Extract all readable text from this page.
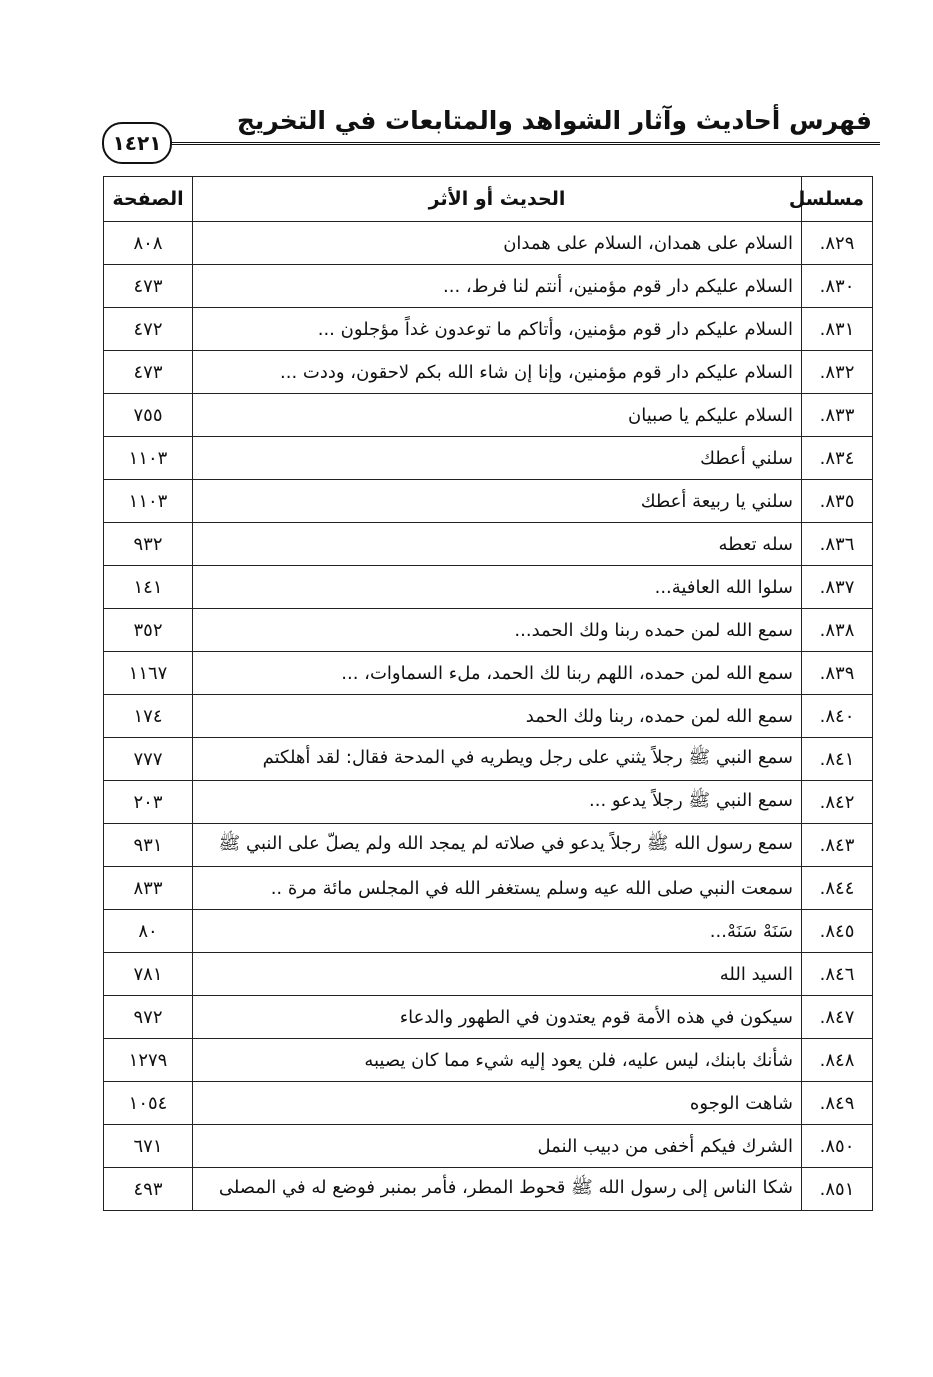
فهرس أحاديث وآثار الشواهد والمتابعات في التخريج
١٤٢١
مسلسل	الحديث أو الأثر	الصفحة
٨٢٩.	السلام على همدان، السلام على همدان	٨٠٨
٨٣٠.	السلام عليكم دار قوم مؤمنين، أنتم لنا فرط، ...	٤٧٣
٨٣١.	السلام عليكم دار قوم مؤمنين، وأتاكم ما توعدون غداً مؤجلون ...	٤٧٢
٨٣٢.	السلام عليكم دار قوم مؤمنين، وإنا إن شاء الله بكم لاحقون، وددت ...	٤٧٣
٨٣٣.	السلام عليكم يا صبيان	٧٥٥
٨٣٤.	سلني أعطك	١١٠٣
٨٣٥.	سلني يا ربيعة أعطك	١١٠٣
٨٣٦.	سله تعطه	٩٣٢
٨٣٧.	سلوا الله العافية...	١٤١
٨٣٨.	سمع الله لمن حمده ربنا ولك الحمد...	٣٥٢
٨٣٩.	سمع الله لمن حمده، اللهم ربنا لك الحمد، ملء السماوات، ...	١١٦٧
٨٤٠.	سمع الله لمن حمده، ربنا ولك الحمد	١٧٤
٨٤١.	سمع النبي ﷺ رجلاً يثني على رجل ويطريه في المدحة فقال: لقد أهلكتم	٧٧٧
٨٤٢.	سمع النبي ﷺ رجلاً يدعو ...	٢٠٣
٨٤٣.	سمع رسول الله ﷺ رجلاً يدعو في صلاته لم يمجد الله ولم يصلّ على النبي ﷺ	٩٣١
٨٤٤.	سمعت النبي صلى الله عيه وسلم يستغفر الله في المجلس مائة مرة ..	٨٣٣
٨٤٥.	سَنَهْ سَنَهْ...	٨٠
٨٤٦.	السيد الله	٧٨١
٨٤٧.	سيكون في هذه الأمة قوم يعتدون في الطهور والدعاء	٩٧٢
٨٤٨.	شأنك بابنك، ليس عليه، فلن يعود إليه شيء مما كان يصيبه	١٢٧٩
٨٤٩.	شاهت الوجوه	١٠٥٤
٨٥٠.	الشرك فيكم أخفى من دبيب النمل	٦٧١
٨٥١.	شكا الناس إلى رسول الله ﷺ قحوط المطر، فأمر بمنبر فوضع له في المصلى	٤٩٣
